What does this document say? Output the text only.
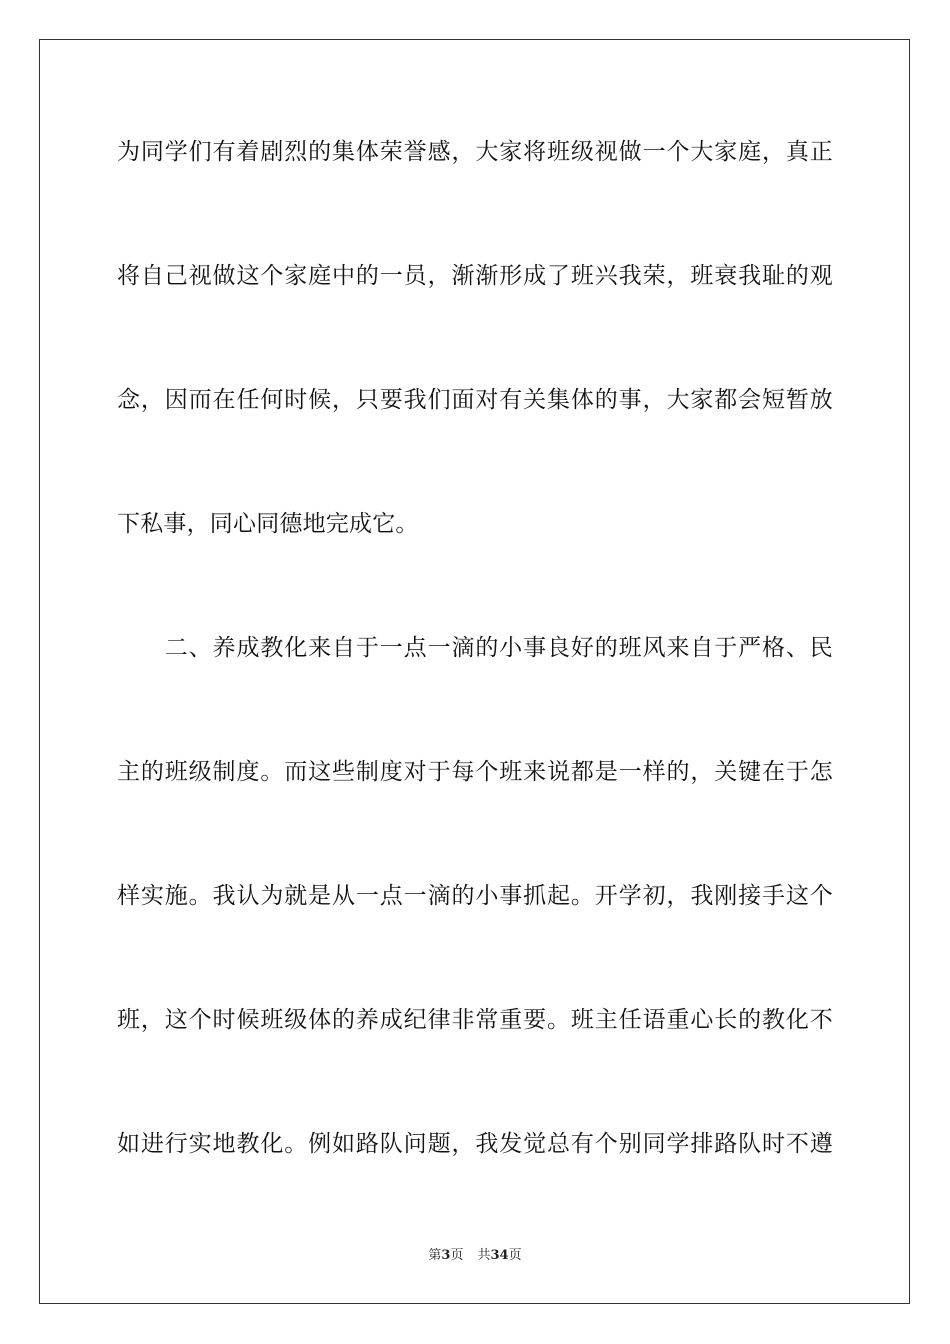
为同学们有着剧烈的集体荣誉感，大家将班级视做一个大家庭，真正
将自己视做这个家庭中的一员，渐渐形成了班兴我荣，班衰我耻的观
念，因而在任何时候，只要我们面对有关集体的事，大家都会短暂放
下私事，同心同德地完成它。
　　二、养成教化来自于一点一滴的小事良好的班风来自于严格、民
主的班级制度。而这些制度对于每个班来说都是一样的，关键在于怎
样实施。我认为就是从一点一滴的小事抓起。开学初，我刚接手这个
班，这个时候班级体的养成纪律非常重要。班主任语重心长的教化不
如进行实地教化。例如路队问题，我发觉总有个别同学排路队时不遵
第3页 共34页
